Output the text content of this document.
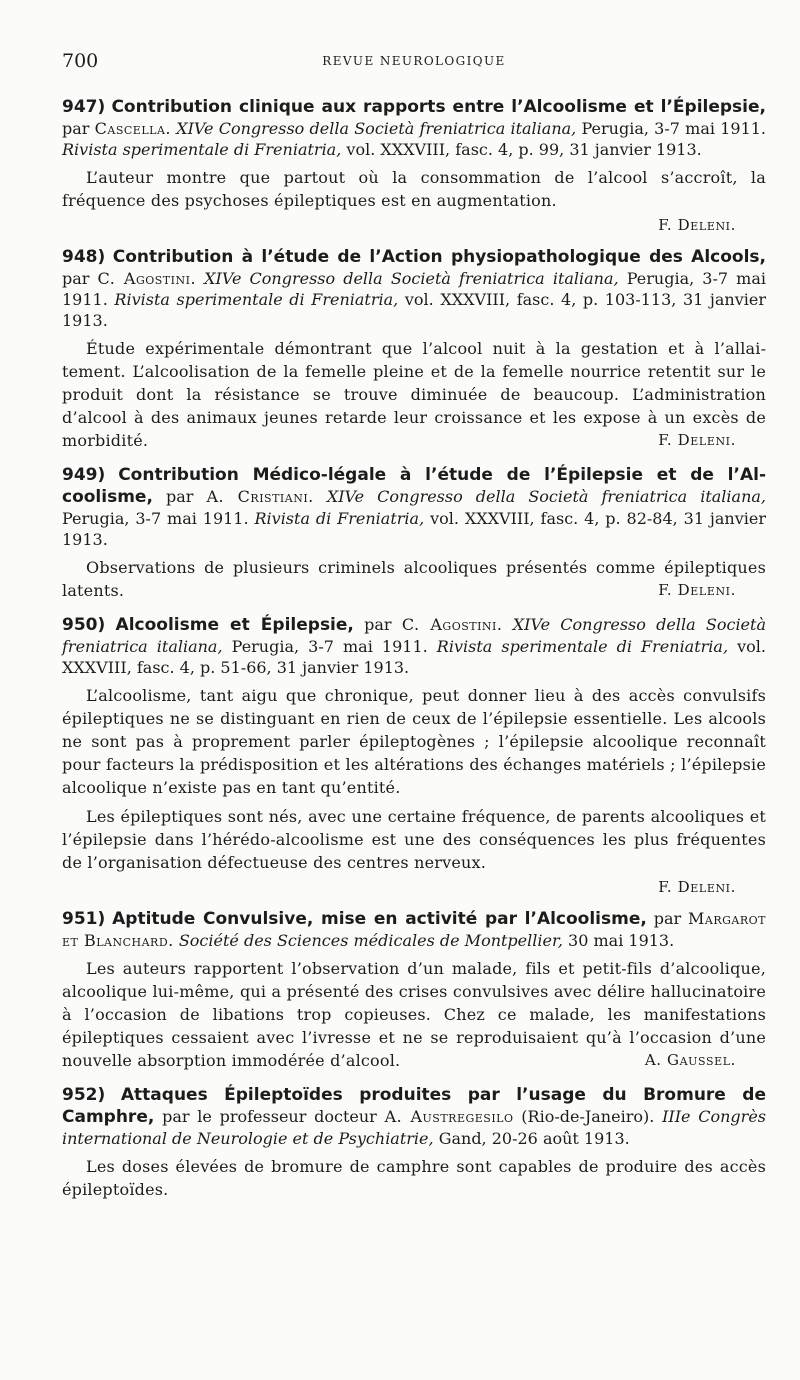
700	REVUE NEUROLOGIQUE
947) Contribution clinique aux rapports entre l’Alcoolisme et l’Épilepsie, par Cascella. XIVe Congresso della Società freniatrica italiana, Perugia, 3-7 mai 1911. Rivista sperimentale di Freniatria, vol. XXXVIII, fasc. 4, p. 99, 31 janvier 1913.

L’auteur montre que partout où la consommation de l’alcool s’accroît, la fréquence des psychoses épileptiques est en augmentation.

F. Deleni.
948) Contribution à l’étude de l’Action physiopathologique des Alcools, par C. Agostini. XIVe Congresso della Società freniatrica italiana, Perugia, 3-7 mai 1911. Rivista sperimentale di Freniatria, vol. XXXVIII, fasc. 4, p. 103-113, 31 janvier 1913.

Étude expérimentale démontrant que l’alcool nuit à la gestation et à l’allaitement. L’alcoolisation de la femelle pleine et de la femelle nourrice retentit sur le produit dont la résistance se trouve diminuée de beaucoup. L’administration d’alcool à des animaux jeunes retarde leur croissance et les expose à un excès de morbidité.	F. Deleni.

949) Contribution Médico-légale à l’étude de l’Épilepsie et de l’Alcoolisme, par A. Cristiani. XIVe Congresso della Società freniatrica italiana, Perugia, 3-7 mai 1911. Rivista di Freniatria, vol. XXXVIII, fasc. 4, p. 82-84, 31 janvier 1913.

Observations de plusieurs criminels alcooliques présentés comme épileptiques latents.	F. Deleni.

950) Alcoolisme et Épilepsie, par C. Agostini. XIVe Congresso della Società freniatrica italiana, Perugia, 3-7 mai 1911. Rivista sperimentale di Freniatria, vol. XXXVIII, fasc. 4, p. 51-66, 31 janvier 1913.

L’alcoolisme, tant aigu que chronique, peut donner lieu à des accès convulsifs épileptiques ne se distinguant en rien de ceux de l’épilepsie essentielle. Les alcools ne sont pas à proprement parler épileptogènes ; l’épilepsie alcoolique reconnaît pour facteurs la prédisposition et les altérations des échanges matériels ; l’épilepsie alcoolique n’existe pas en tant qu’entité.

Les épileptiques sont nés, avec une certaine fréquence, de parents alcooliques et l’épilepsie dans l’hérédo-alcoolisme est une des conséquences les plus fréquentes de l’organisation défectueuse des centres nerveux.

F. Deleni.
951) Aptitude Convulsive, mise en activité par l’Alcoolisme, par Margarot et Blanchard. Société des Sciences médicales de Montpellier, 30 mai 1913.

Les auteurs rapportent l’observation d’un malade, fils et petit-fils d’alcoolique, alcoolique lui-même, qui a présenté des crises convulsives avec délire hallucinatoire à l’occasion de libations trop copieuses. Chez ce malade, les manifestations épileptiques cessaient avec l’ivresse et ne se reproduisaient qu’à l’occasion d’une nouvelle absorption immodérée d’alcool.	A. Gaussel.

952) Attaques Épileptoïdes produites par l’usage du Bromure de Camphre, par le professeur docteur A. Austregesilo (Rio-de-Janeiro). IIIe Congrès international de Neurologie et de Psychiatrie, Gand, 20-26 août 1913.

Les doses élevées de bromure de camphre sont capables de produire des accès épileptoïdes.
